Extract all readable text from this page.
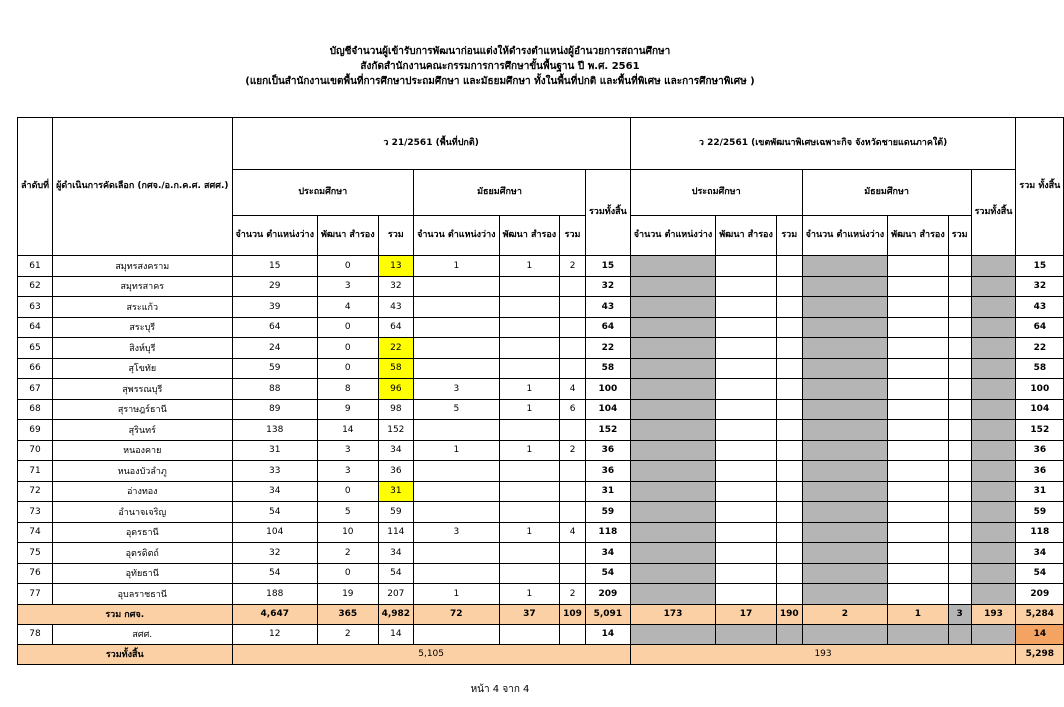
บัญชีจำนวนผู้เข้ารับการพัฒนาก่อนแต่งให้ดำรงตำแหน่งผู้อำนวยการสถานศึกษา
สังกัดสำนักงานคณะกรรมการการศึกษาขั้นพื้นฐาน ปี พ.ศ. 2561
(แยกเป็นสำนักงานเขตพื้นที่การศึกษาประถมศึกษา และมัธยมศึกษา ทั้งในพื้นที่ปกติ และพื้นที่พิเศษ และการศึกษาพิเศษ )
ลำดับที่	ผู้ดำเนินการคัดเลือก (กศจ./อ.ก.ค.ศ. สศศ.)	ว 21/2561 (พื้นที่ปกติ)							ว 22/2561 (เขตพัฒนาพิเศษเฉพาะกิจ จังหวัดชายแดนภาคใต้)							รวม ทั้งสิ้น
		ประถมศึกษา			มัธยมศึกษา			รวมทั้งสิ้น	ประถมศึกษา			มัธยมศึกษา			รวมทั้งสิ้น	
		จำนวน ตำแหน่งว่าง	พัฒนา สำรอง	รวม	จำนวน ตำแหน่งว่าง	พัฒนา สำรอง	รวม		จำนวน ตำแหน่งว่าง	พัฒนา สำรอง	รวม	จำนวน ตำแหน่งว่าง	พัฒนา สำรอง	รวม		
61	สมุทรสงคราม	15	0	13	1	1	2	15								15
62	สมุทรสาคร	29	3	32				32								32
63	สระแก้ว	39	4	43				43								43
64	สระบุรี	64	0	64				64								64
65	สิงห์บุรี	24	0	22				22								22
66	สุโขทัย	59	0	58				58								58
67	สุพรรณบุรี	88	8	96	3	1	4	100								100
68	สุราษฎร์ธานี	89	9	98	5	1	6	104								104
69	สุรินทร์	138	14	152				152								152
70	หนองคาย	31	3	34	1	1	2	36								36
71	หนองบัวลำภู	33	3	36				36								36
72	อ่างทอง	34	0	31				31								31
73	อำนาจเจริญ	54	5	59				59								59
74	อุดรธานี	104	10	114	3	1	4	118								118
75	อุตรดิตถ์	32	2	34				34								34
76	อุทัยธานี	54	0	54				54								54
77	อุบลราชธานี	188	19	207	1	1	2	209								209
รวม กศจ.		4,647	365	4,982	72	37	109	5,091	173	17	190	2	1	3	193	5,284
78	สศศ.	12	2	14				14								14
รวมทั้งสิ้น		5,105							193							5,298
หน้า 4 จาก 4
